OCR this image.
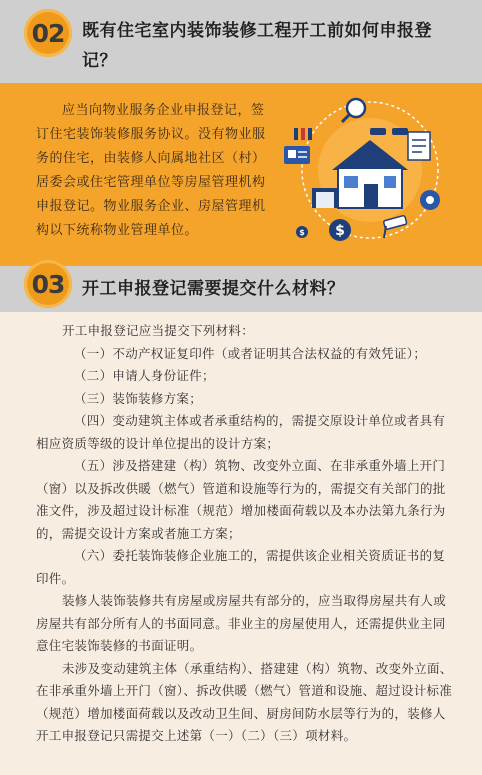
02 既有住宅室内装饰装修工程开工前如何申报登记？
应当向物业服务企业申报登记，签订住宅装饰装修服务协议。没有物业服务的住宅，由装修人向属地社区（村）居委会或住宅管理单位等房屋管理机构申报登记。物业服务企业、房屋管理机构以下统称物业管理单位。	$
$
03 开工申报登记需要提交什么材料？

开工申报登记应当提交下列材料：

（一）不动产权证复印件（或者证明其合法权益的有效凭证）；

（二）申请人身份证件；

（三）装饰装修方案；

（四）变动建筑主体或者承重结构的，需提交原设计单位或者具有相应资质等级的设计单位提出的设计方案；

（五）涉及搭建建（构）筑物、改变外立面、在非承重外墙上开门（窗）以及拆改供暖（燃气）管道和设施等行为的，需提交有关部门的批准文件，涉及超过设计标准（规范）增加楼面荷载以及本办法第九条行为的，需提交设计方案或者施工方案；

（六）委托装饰装修企业施工的，需提供该企业相关资质证书的复印件。

装修人装饰装修共有房屋或房屋共有部分的，应当取得房屋共有人或房屋共有部分所有人的书面同意。非业主的房屋使用人，还需提供业主同意住宅装饰装修的书面证明。

未涉及变动建筑主体（承重结构）、搭建建（构）筑物、改变外立面、在非承重外墙上开门（窗）、拆改供暖（燃气）管道和设施、超过设计标准（规范）增加楼面荷载以及改动卫生间、厨房间防水层等行为的，装修人开工申报登记只需提交上述第（一）（二）（三）项材料。
